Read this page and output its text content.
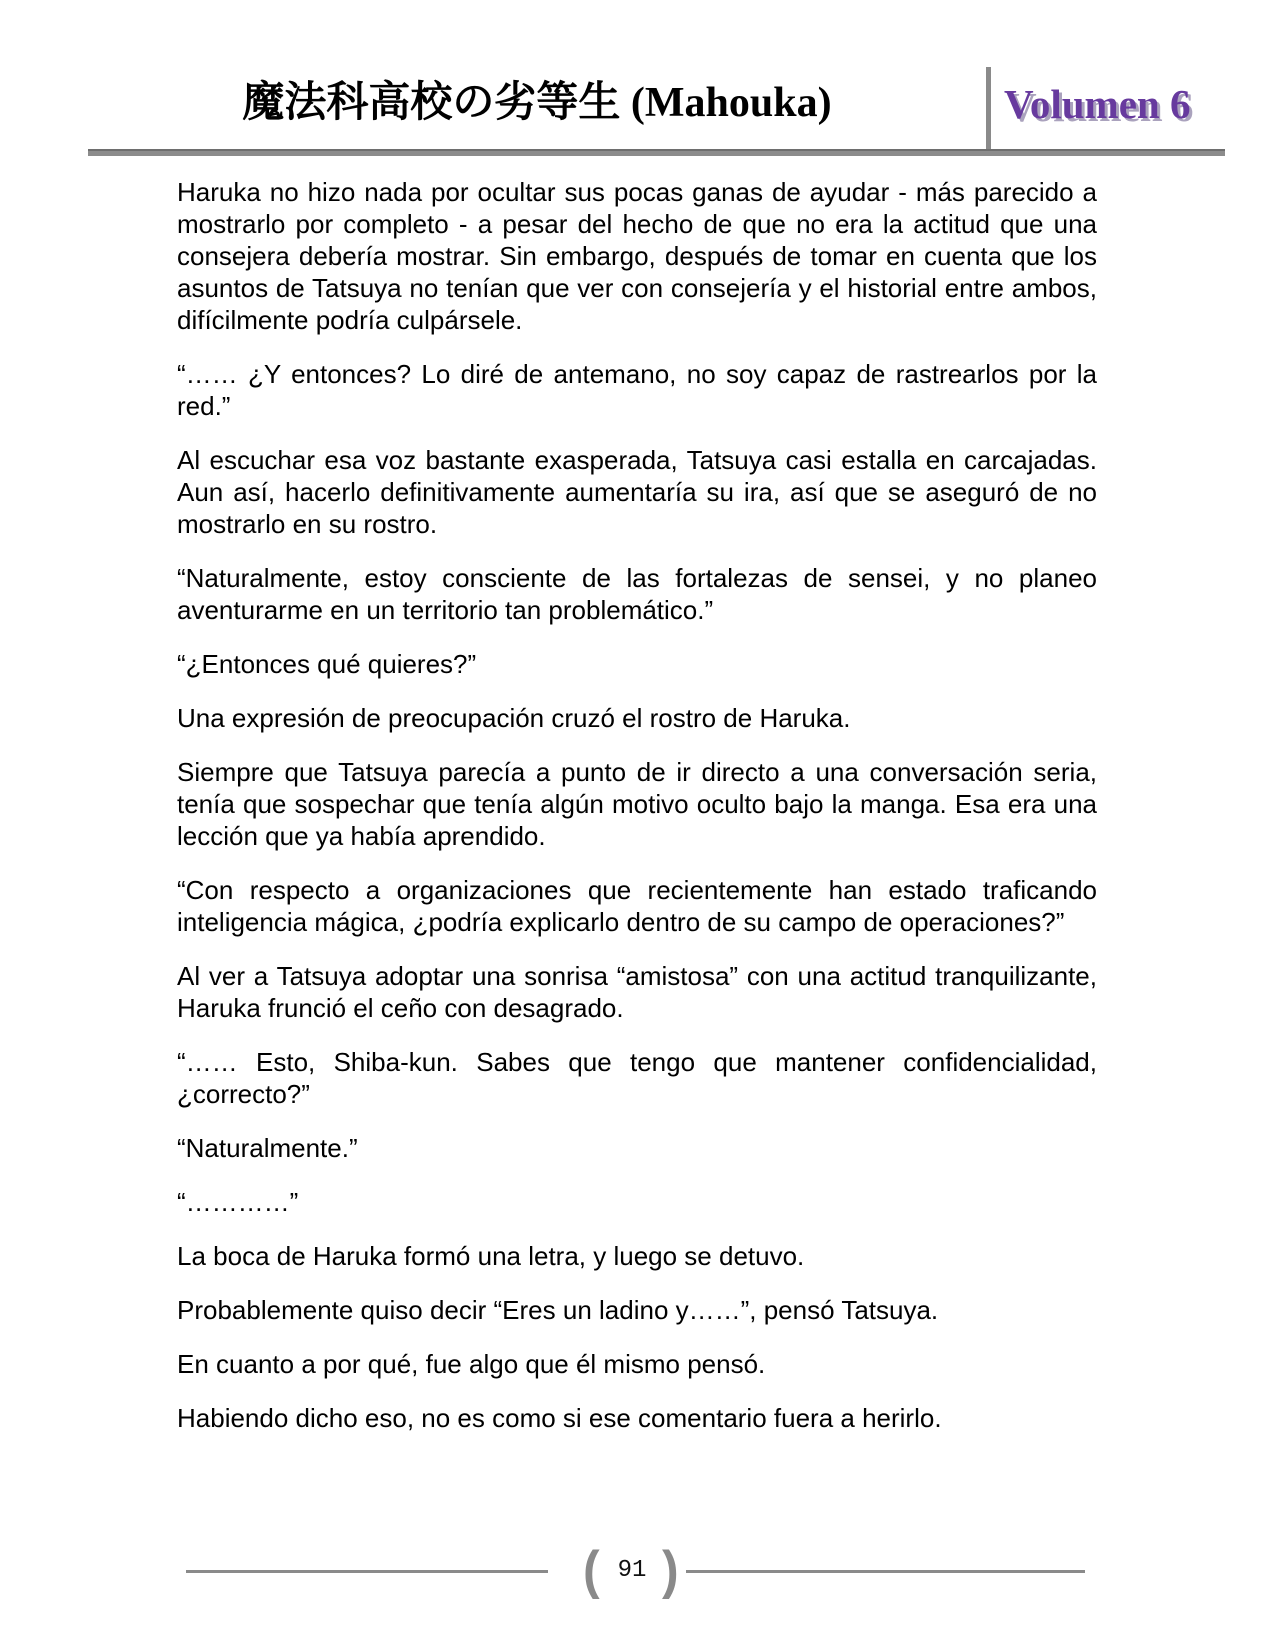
魔法科高校の劣等生 (Mahouka)	Volumen 6

Haruka no hizo nada por ocultar sus pocas ganas de ayudar - más parecido a mostrarlo por completo - a pesar del hecho de que no era la actitud que una consejera debería mostrar. Sin embargo, después de tomar en cuenta que los asuntos de Tatsuya no tenían que ver con consejería y el historial entre ambos, difícilmente podría culpársele.

“…… ¿Y entonces? Lo diré de antemano, no soy capaz de rastrearlos por la red.”

Al escuchar esa voz bastante exasperada, Tatsuya casi estalla en carcajadas. Aun así, hacerlo definitivamente aumentaría su ira, así que se aseguró de no mostrarlo en su rostro.

“Naturalmente, estoy consciente de las fortalezas de sensei, y no planeo aventurarme en un territorio tan problemático.”

“¿Entonces qué quieres?”

Una expresión de preocupación cruzó el rostro de Haruka.

Siempre que Tatsuya parecía a punto de ir directo a una conversación seria, tenía que sospechar que tenía algún motivo oculto bajo la manga. Esa era una lección que ya había aprendido.

“Con respecto a organizaciones que recientemente han estado traficando inteligencia mágica, ¿podría explicarlo dentro de su campo de operaciones?”

Al ver a Tatsuya adoptar una sonrisa “amistosa” con una actitud tranquilizante, Haruka frunció el ceño con desagrado.

“…… Esto, Shiba-kun. Sabes que tengo que mantener confidencialidad, ¿correcto?”

“Naturalmente.”

“…………”

La boca de Haruka formó una letra, y luego se detuvo.

Probablemente quiso decir “Eres un ladino y……”, pensó Tatsuya.

En cuanto a por qué, fue algo que él mismo pensó.

Habiendo dicho eso, no es como si ese comentario fuera a herirlo.

( 91 )
